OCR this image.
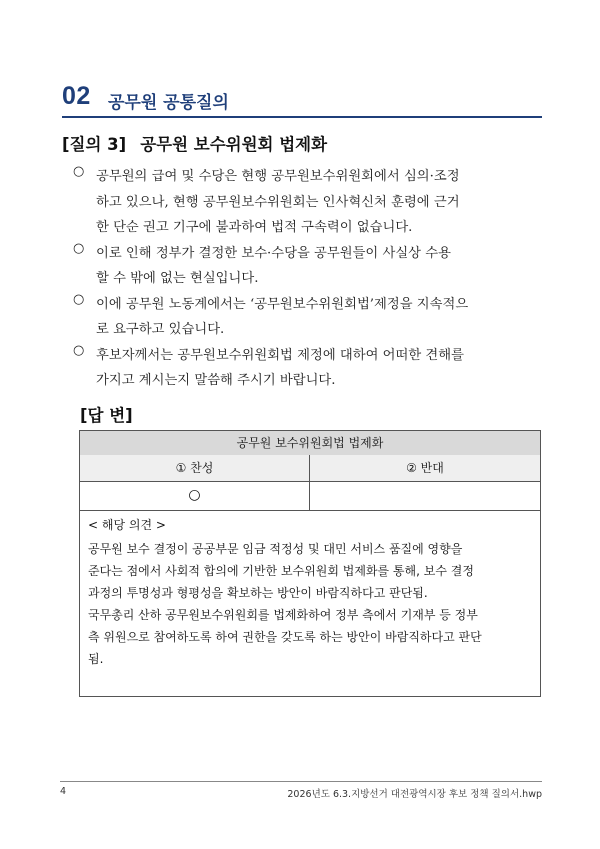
02 공무원 공통질의
[질의 3] 공무원 보수위원회 법제화
○ 공무원의 급여 및 수당은 현행 공무원보수위원회에서 심의·조정
하고 있으나, 현행 공무원보수위원회는 인사혁신처 훈령에 근거
한 단순 권고 기구에 불과하여 법적 구속력이 없습니다.
○ 이로 인해 정부가 결정한 보수·수당을 공무원들이 사실상 수용
할 수 밖에 없는 현실입니다.
○ 이에 공무원 노동계에서는 ‘공무원보수위원회법’제정을 지속적으
로 요구하고 있습니다.
○ 후보자께서는 공무원보수위원회법 제정에 대하여 어떠한 견해를
가지고 계시는지 말씀해 주시기 바랍니다.
[답 변]
공무원 보수위원회법 법제화
① 찬성	② 반대
○
< 해당 의견 >
공무원 보수 결정이 공공부문 임금 적정성 및 대민 서비스 품질에 영향을
준다는 점에서 사회적 합의에 기반한 보수위원회 법제화를 통해, 보수 결정
과정의 투명성과 형평성을 확보하는 방안이 바람직하다고 판단됨.
국무총리 산하 공무원보수위원회를 법제화하여 정부 측에서 기재부 등 정부
측 위원으로 참여하도록 하여 권한을 갖도록 하는 방안이 바람직하다고 판단
됨.
4	2026년도 6.3.지방선거 대전광역시장 후보 정책 질의서.hwp
